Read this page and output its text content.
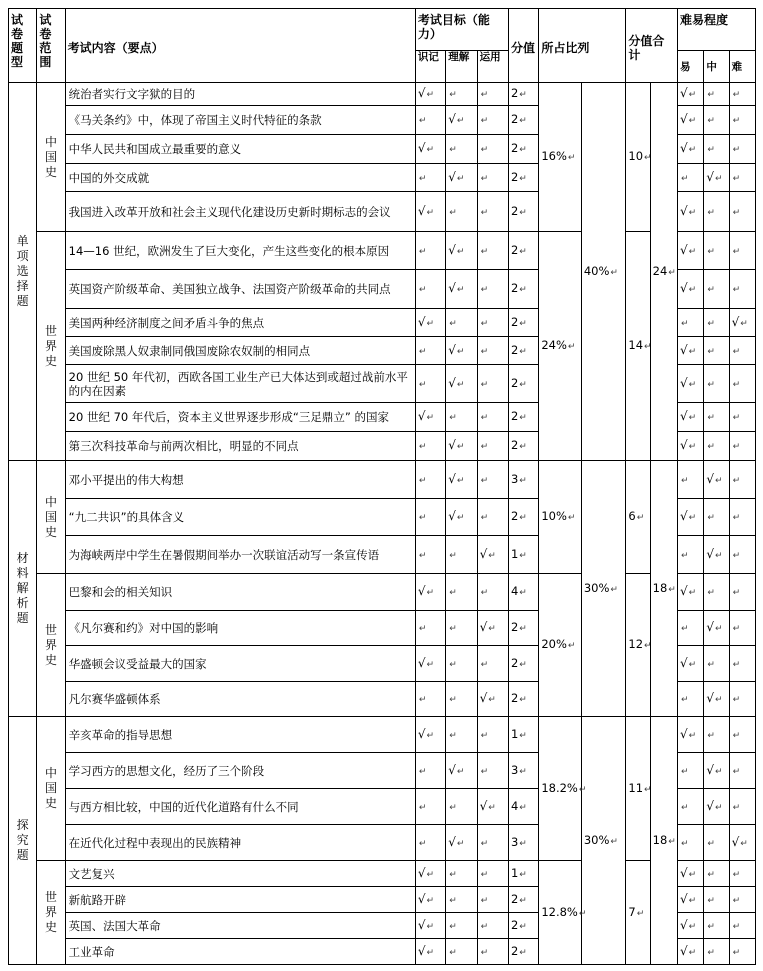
试卷题型	试卷范围	考试内容（要点）	考试目标（能力）			分值	所占比列		分值合计		难易程度		
			识记	理解	运用						易	中	难
单项选择题	中国史	统治者实行文字狱的目的	√↵	↵	↵	2↵	16%↵	40%↵	10↵	24↵	√↵	↵	↵
		《马关条约》中，体现了帝国主义时代特征的条款	↵	√↵	↵	2↵					√↵	↵	↵
		中华人民共和国成立最重要的意义	√↵	↵	↵	2↵					√↵	↵	↵
		中国的外交成就	↵	√↵	↵	2↵					↵	√↵	↵
		我国进入改革开放和社会主义现代化建设历史新时期标志的会议	√↵	↵	↵	2↵					√↵	↵	↵
	世界史	14—16 世纪，欧洲发生了巨大变化，产生这些变化的根本原因	↵	√↵	↵	2↵	24%↵		14↵		√↵	↵	↵
		英国资产阶级革命、美国独立战争、法国资产阶级革命的共同点	↵	√↵	↵	2↵					√↵	↵	↵
		美国两种经济制度之间矛盾斗争的焦点	√↵	↵	↵	2↵					↵	↵	√↵
		美国废除黑人奴隶制同俄国废除农奴制的相同点	↵	√↵	↵	2↵					√↵	↵	↵
		20 世纪 50 年代初，西欧各国工业生产已大体达到或超过战前水平的内在因素	↵	√↵	↵	2↵					√↵	↵	↵
		20 世纪 70 年代后，资本主义世界逐步形成“三足鼎立” 的国家	√↵	↵	↵	2↵					√↵	↵	↵
		第三次科技革命与前两次相比，明显的不同点	↵	√↵	↵	2↵					√↵	↵	↵
材料解析题	中国史	邓小平提出的伟大构想	↵	√↵	↵	3↵	10%↵	30%↵	6↵	18↵	↵	√↵	↵
		“九二共识”的具体含义	↵	√↵	↵	2↵					√↵	↵	↵
		为海峡两岸中学生在暑假期间举办一次联谊活动写一条宣传语	↵	↵	√↵	1↵					↵	√↵	↵
	世界史	巴黎和会的相关知识	√↵	↵	↵	4↵	20%↵		12↵		√↵	↵	↵
		《凡尔赛和约》对中国的影响	↵	↵	√↵	2↵					↵	√↵	↵
		华盛顿会议受益最大的国家	√↵	↵	↵	2↵					√↵	↵	↵
		凡尔赛华盛顿体系	↵	↵	√↵	2↵					↵	√↵	↵
探究题	中国史	辛亥革命的指导思想	√↵	↵	↵	1↵	18.2%↵	30%↵	11↵	18↵	√↵	↵	↵
		学习西方的思想文化，经历了三个阶段	↵	√↵	↵	3↵					↵	√↵	↵
		与西方相比较，中国的近代化道路有什么不同	↵	↵	√↵	4↵					↵	√↵	↵
		在近代化过程中表现出的民族精神	↵	√↵	↵	3↵					↵	↵	√↵
	世界史	文艺复兴	√↵	↵	↵	1↵	12.8%↵		7↵		√↵	↵	↵
		新航路开辟	√↵	↵	↵	2↵					√↵	↵	↵
		英国、法国大革命	√↵	↵	↵	2↵					√↵	↵	↵
		工业革命	√↵	↵	↵	2↵					√↵	↵	↵
